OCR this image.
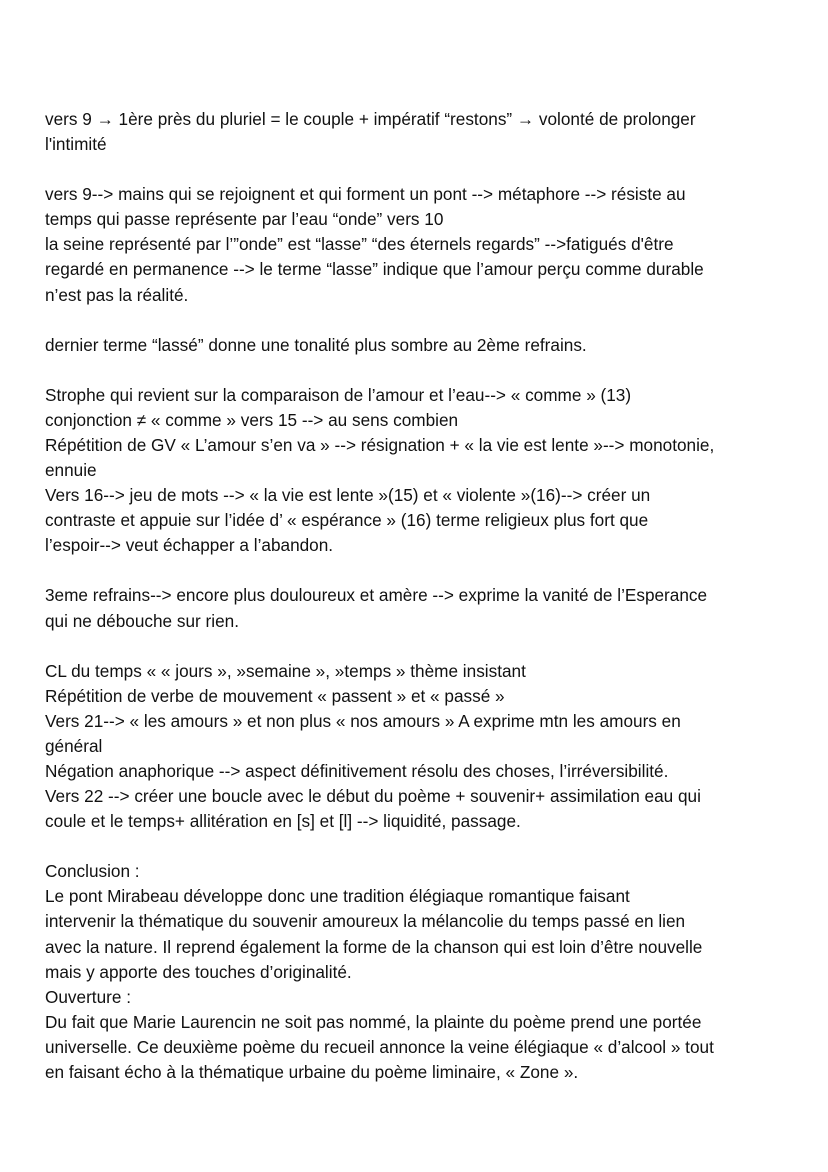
vers 9 → 1ère près du pluriel = le couple + impératif “restons” → volonté de prolonger
l'intimité
vers 9--> mains qui se rejoignent et qui forment un pont --> métaphore --> résiste au
temps qui passe représente par l’eau “onde” vers 10
la seine représenté par l’”onde” est “lasse” “des éternels regards” -->fatigués d'être
regardé en permanence --> le terme “lasse” indique que l’amour perçu comme durable
n’est pas la réalité.
dernier terme “lassé” donne une tonalité plus sombre au 2ème refrains.
Strophe qui revient sur la comparaison de l’amour et l’eau--> « comme » (13)
conjonction ≠ « comme » vers 15 --> au sens combien
Répétition de GV « L’amour s’en va » --> résignation + « la vie est lente »--> monotonie,
ennuie
Vers 16--> jeu de mots --> « la vie est lente »(15) et « violente »(16)--> créer un
contraste et appuie sur l’idée d’ « espérance » (16) terme religieux plus fort que
l’espoir--> veut échapper a l’abandon.
3eme refrains--> encore plus douloureux et amère --> exprime la vanité de l’Esperance
qui ne débouche sur rien.
CL du temps « « jours », »semaine », »temps » thème insistant
Répétition de verbe de mouvement « passent » et « passé »
Vers 21--> « les amours » et non plus « nos amours » A exprime mtn les amours en
général
Négation anaphorique --> aspect définitivement résolu des choses, l’irréversibilité.
Vers 22 --> créer une boucle avec le début du poème + souvenir+ assimilation eau qui
coule et le temps+ allitération en [s] et [l] --> liquidité, passage.
Conclusion :
Le pont Mirabeau développe donc une tradition élégiaque romantique faisant
intervenir la thématique du souvenir amoureux la mélancolie du temps passé en lien
avec la nature. Il reprend également la forme de la chanson qui est loin d’être nouvelle
mais y apporte des touches d’originalité.
Ouverture :
Du fait que Marie Laurencin ne soit pas nommé, la plainte du poème prend une portée
universelle. Ce deuxième poème du recueil annonce la veine élégiaque « d’alcool » tout
en faisant écho à la thématique urbaine du poème liminaire, « Zone ».
